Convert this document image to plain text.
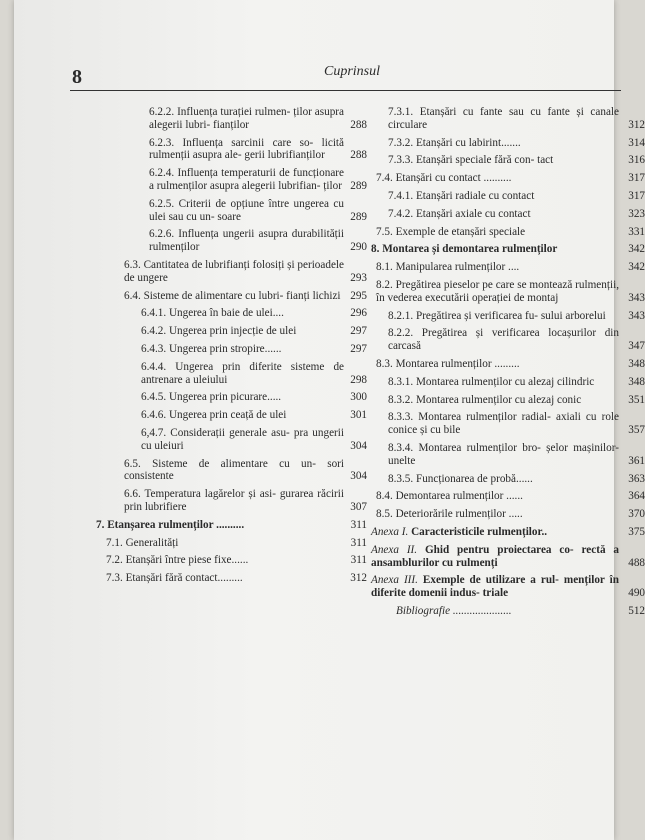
8	Cuprinsul
6.2.2. Influența turației rulmen- ților asupra alegerii lubri- fianților	288
6.2.3. Influența sarcinii care so- licită rulmenții asupra ale- gerii lubrifianților	288
6.2.4. Influența temperaturii de funcționare a rulmenților asupra alegerii lubrifian- ților 289
6.2.5. Criterii de opțiune între ungerea cu ulei sau cu un- soare	289
6.2.6. Influența ungerii asupra durabilității rulmenților	290
6.3. Cantitatea de lubrifianți folosiți și perioadele de ungere	293
6.4. Sisteme de alimentare cu lubri- fianți lichizi 295
6.4.1. Ungerea în baie de ulei....	296
6.4.2. Ungerea prin injecție de ulei	297
6.4.3. Ungerea prin stropire......	297
6.4.4. Ungerea prin diferite sisteme de antrenare a uleiului	298
6.4.5. Ungerea prin picurare.....	300
6.4.6. Ungerea prin ceață de ulei	301
6,4.7. Considerații generale asu- pra ungerii cu uleiuri	304
6.5. Sisteme de alimentare cu un- sori consistente	304
6.6. Temperatura lagărelor și asi- gurarea răcirii prin lubrifiere	307
7. Etanșarea rulmenților ..........	311
7.1. Generalități	311
7.2. Etanșări între piese fixe......	311
7.3. Etanșări fără contact.........	312
7.3.1. Etanșări cu fante sau cu fante și canale circulare	312
7.3.2. Etanșări cu labirint.......	314
7.3.3. Etanșări speciale fără con- tact	316
7.4. Etanșări cu contact ..........	317
7.4.1. Etanșări radiale cu contact	317
7.4.2. Etanșări axiale cu contact	323
7.5. Exemple de etanșări speciale	331
8. Montarea și demontarea rulmenților	342
8.1. Manipularea rulmenților ....	342
8.2. Pregătirea pieselor pe care se montează rulmenții, în vederea executării operației de montaj	343
8.2.1. Pregătirea și verificarea fu- sului arborelui	343
8.2.2. Pregătirea și verificarea locașurilor din carcasă	347
8.3. Montarea rulmenților .........	348
8.3.1. Montarea rulmenților cu alezaj cilindric	348
8.3.2. Montarea rulmenților cu alezaj conic	351
8.3.3. Montarea rulmenților radial- axiali cu role conice și cu bile	357
8.3.4. Montarea rulmenților bro- șelor mașinilor-unelte	361
8.3.5. Funcționarea de probă......	363
8.4. Demontarea rulmenților ......	364
8.5. Deteriorările rulmenților .....	370
Anexa I. Caracteristicile rulmenților..	375
Anexa II. Ghid pentru proiectarea co- rectă a ansamblurilor cu rulmenți	488
Anexa III. Exemple de utilizare a rul- menților în diferite domenii indus- triale	490
Bibliografie .....................	512
